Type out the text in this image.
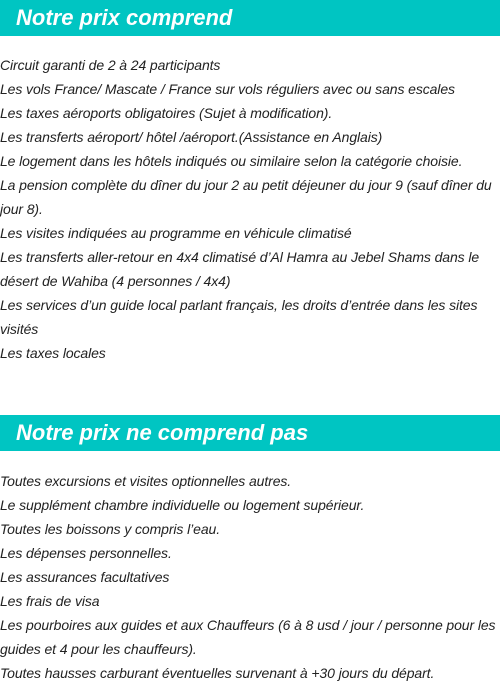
Notre prix comprend
Circuit garanti de 2 à 24 participants
Les vols France/ Mascate / France sur vols réguliers avec ou sans escales
Les taxes aéroports obligatoires (Sujet à modification).
Les transferts aéroport/ hôtel /aéroport.(Assistance en Anglais)
Le logement dans les hôtels indiqués ou similaire selon la catégorie choisie.
La pension complète du dîner du jour 2 au petit déjeuner du jour 9 (sauf dîner du jour 8).
Les visites indiquées au programme en véhicule climatisé
Les transferts aller-retour en 4x4 climatisé d’Al Hamra au Jebel Shams dans le désert de Wahiba (4 personnes / 4x4)
Les services d’un guide local parlant français, les droits d’entrée dans les sites visités
Les taxes locales
Notre prix ne comprend pas
Toutes excursions et visites optionnelles autres.
Le supplément chambre individuelle ou logement supérieur.
Toutes les boissons y compris l’eau.
Les dépenses personnelles.
Les assurances facultatives
Les frais de visa
Les pourboires aux guides et aux Chauffeurs (6 à 8 usd / jour / personne pour les guides et 4 pour les chauffeurs).
Toutes hausses carburant éventuelles survenant à +30 jours du départ.
